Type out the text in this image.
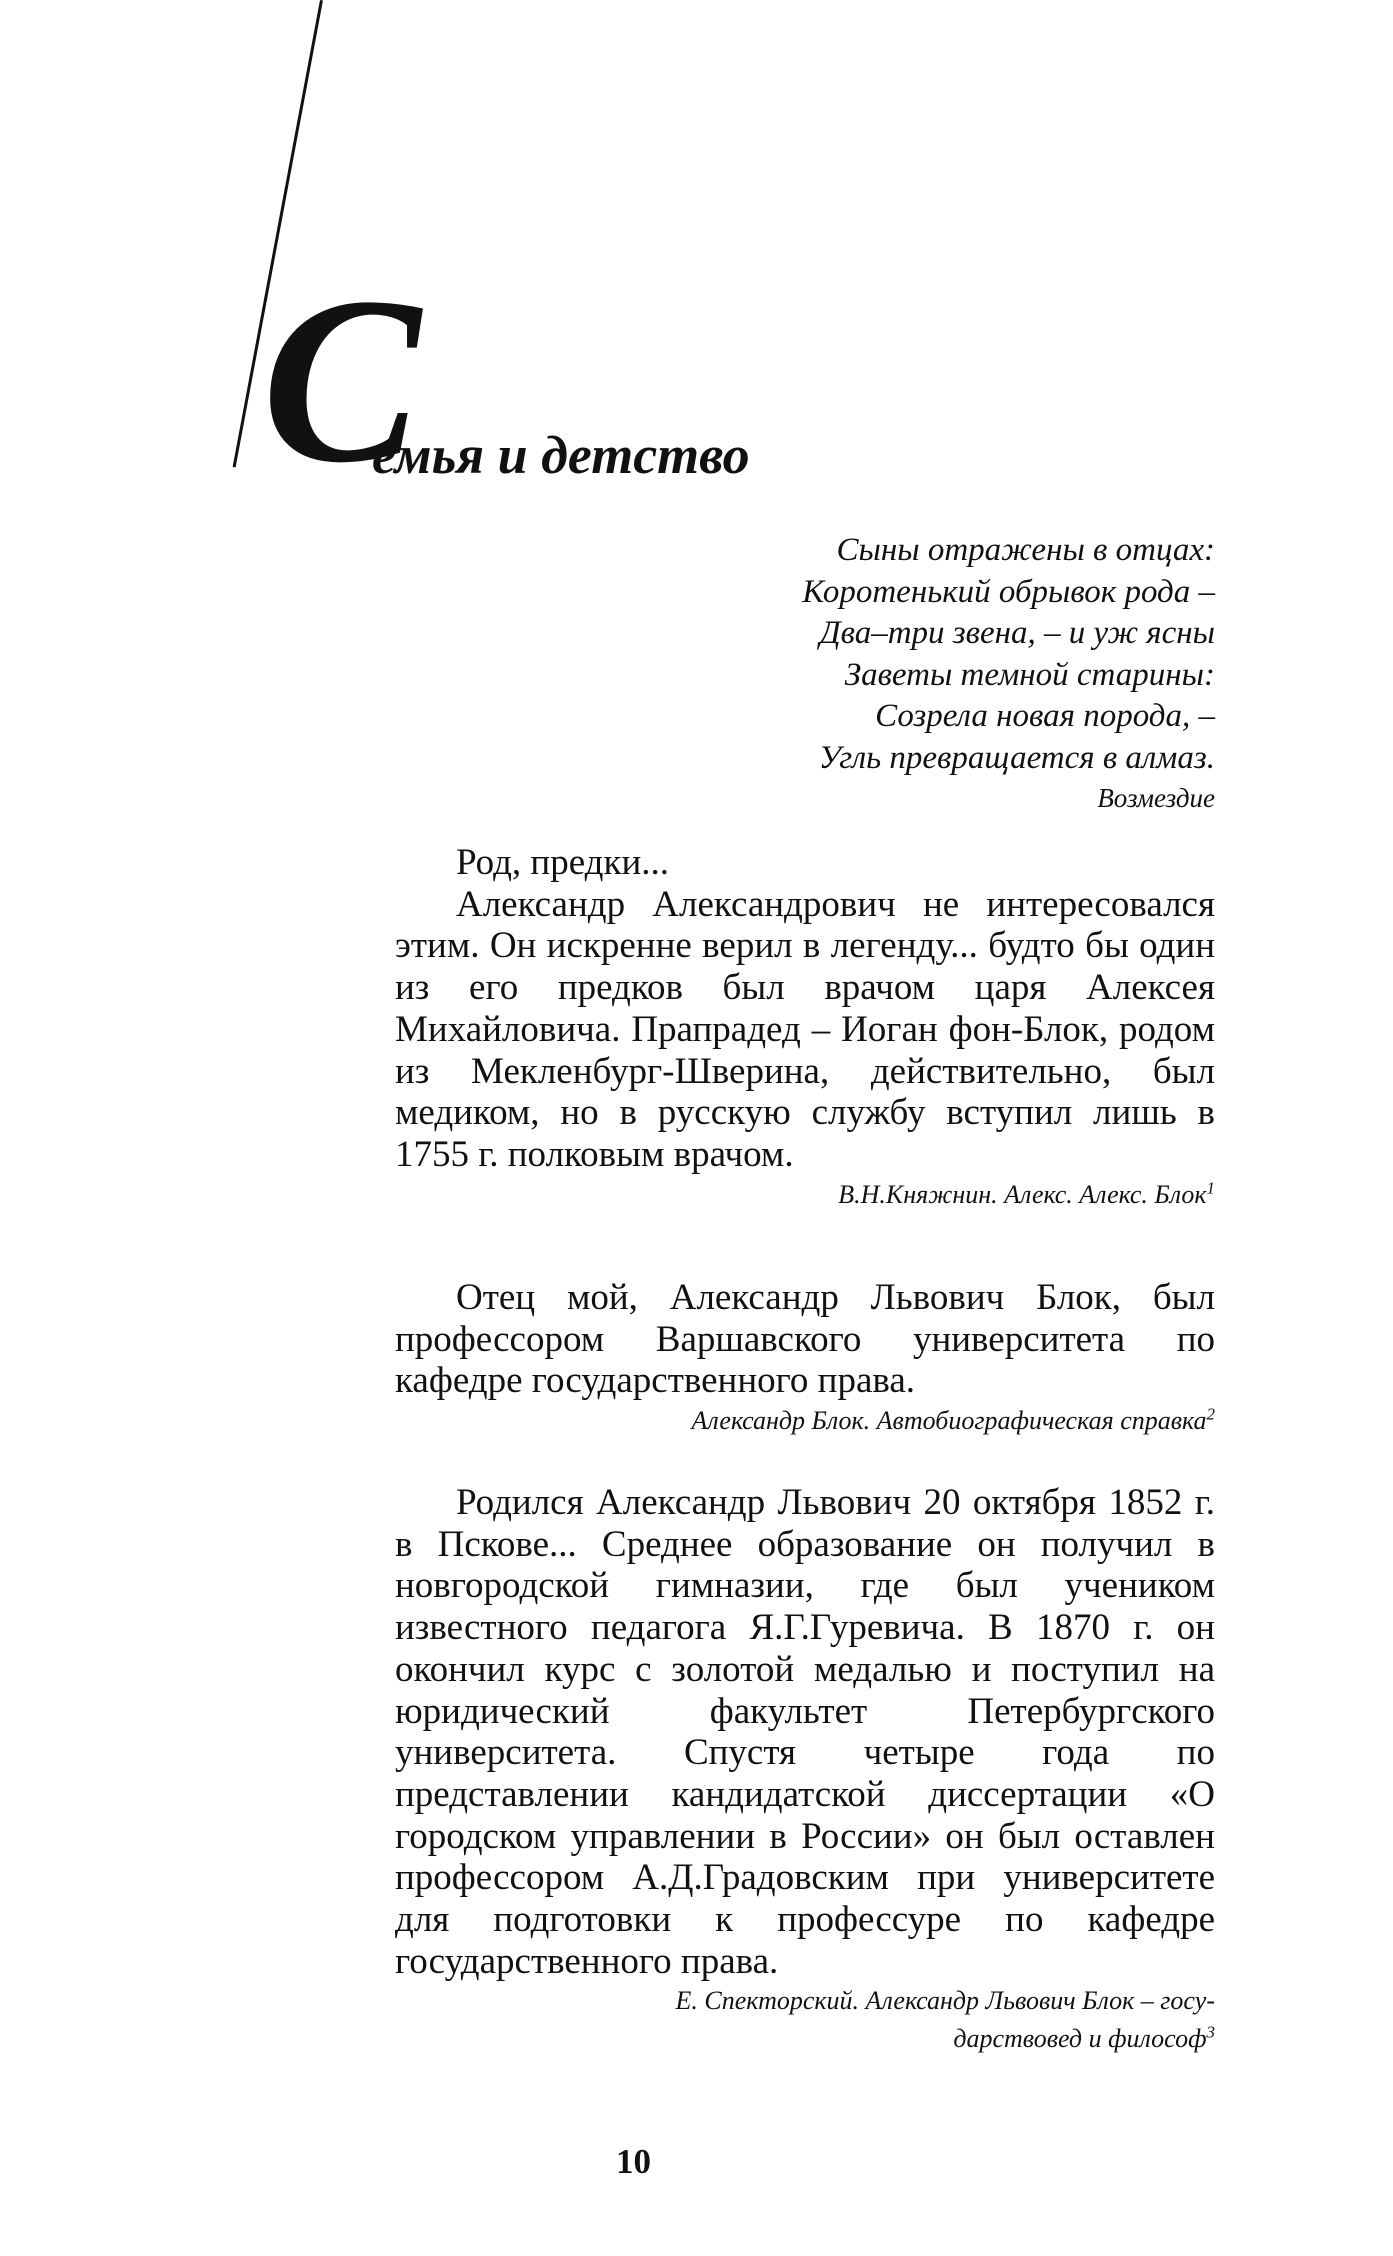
С
емья и детство
Сыны отражены в отцах:
Коротенький обрывок рода –
Два–три звена, – и уж ясны
Заветы темной старины:
Созрела новая порода, –
Угль превращается в алмаз.
Возмездие

Род, предки...

Александр Александрович не интересовался этим. Он искренне верил в легенду... будто бы один из его предков был врачом царя Алексея Михайловича. Прапрадед – Иоган фон-Блок, родом из Мекленбург-Шверина, действительно, был медиком, но в русскую службу вступил лишь в 1755 г. полковым врачом.

В.Н.Княжнин. Алекс. Алекс. Блок$^1$

Отец мой, Александр Львович Блок, был профессором Варшавского университета по кафедре государственного права.

Александр Блок. Автобиографическая справка$^2$

Родился Александр Львович 20 октября 1852 г. в Пскове... Среднее образование он получил в новгородской гимназии, где был учеником известного педагога Я.Г.Гуревича. В 1870 г. он окончил курс с золотой медалью и поступил на юридический факультет Петербургского университета. Спустя четыре года по представлении кандидатской диссертации «О городском управлении в России» он был оставлен профессором А.Д.Градовским при университете для подготовки к профессуре по кафедре государственного права.

Е. Спекторский. Александр Львович Блок – госу-
дарствовед и философ$^3$
10
